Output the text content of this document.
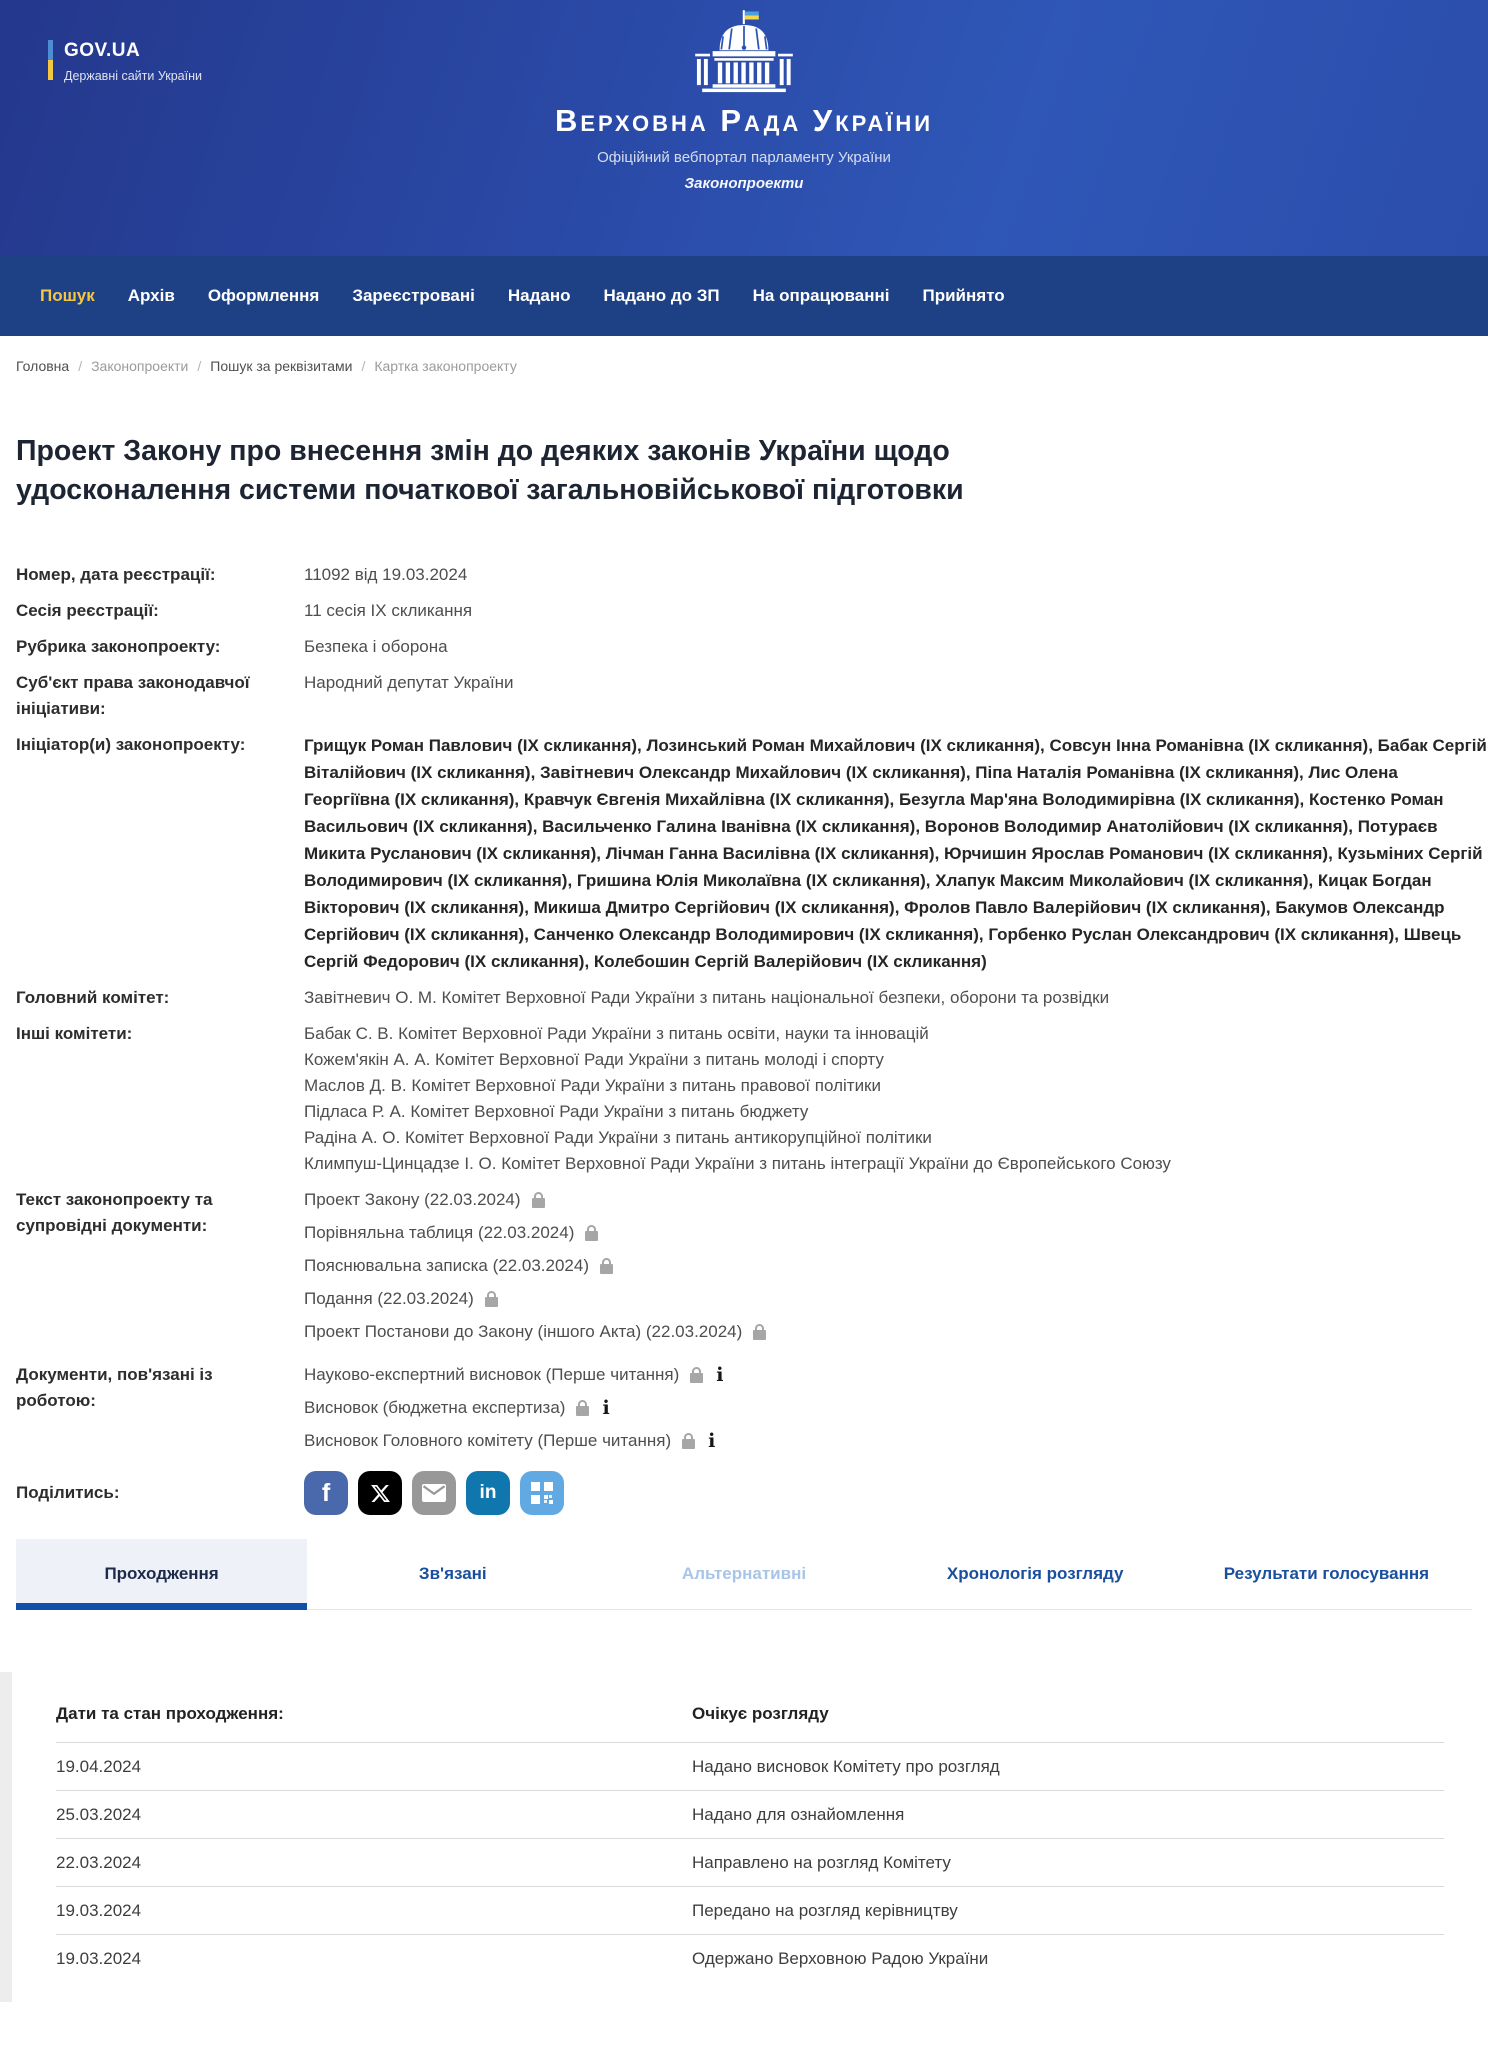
GOV.UA
Державні сайти України
Верховна Рада України
Офіційний вебпортал парламенту України
Законопроекти
Пошук Архів Оформлення Зареєстровані Надано Надано до ЗП На опрацюванні Прийнято
Головна / Законопроекти / Пошук за реквізитами / Картка законопроекту
Проект Закону про внесення змін до деяких законів України щодо удосконалення системи початкової загальновійськової підготовки
Номер, дата реєстрації:	11092 від 19.03.2024
Сесія реєстрації:	11 сесія IX скликання
Рубрика законопроекту:	Безпека і оборона
Суб'єкт права законодавчої ініціативи:
Народний депутат України
Ініціатор(и) законопроекту:	Грищук Роман Павлович (ІХ скликання), Лозинський Роман Михайлович (ІХ скликання), Совсун Інна Романівна (ІХ скликання), Бабак Сергій Віталійович (ІХ скликання), Завітневич Олександр Михайлович (ІХ скликання), Піпа Наталія Романівна (ІХ скликання), Лис Олена Георгіївна (ІХ скликання), Кравчук Євгенія Михайлівна (ІХ скликання), Безугла Мар'яна Володимирівна (ІХ скликання), Костенко Роман Васильович (ІХ скликання), Васильченко Галина Іванівна (ІХ скликання), Воронов Володимир Анатолійович (ІХ скликання), Потураєв Микита Русланович (ІХ скликання), Лічман Ганна Василівна (ІХ скликання), Юрчишин Ярослав Романович (ІХ скликання), Кузьміних Сергій Володимирович (ІХ скликання), Гришина Юлія Миколаївна (ІХ скликання), Хлапук Максим Миколайович (ІХ скликання), Кицак Богдан Вікторович (ІХ скликання), Микиша Дмитро Сергійович (ІХ скликання), Фролов Павло Валерійович (ІХ скликання), Бакумов Олександр Сергійович (ІХ скликання), Санченко Олександр Володимирович (ІХ скликання), Горбенко Руслан Олександрович (ІХ скликання), Швець Сергій Федорович (ІХ скликання), Колебошин Сергій Валерійович (ІХ скликання)
Головний комітет:	Завітневич О. М. Комітет Верховної Ради України з питань національної безпеки, оборони та розвідки
Інші комітети:	Бабак С. В. Комітет Верховної Ради України з питань освіти, науки та інновацій
Кожем'якін А. А. Комітет Верховної Ради України з питань молоді і спорту
Маслов Д. В. Комітет Верховної Ради України з питань правової політики
Підласа Р. А. Комітет Верховної Ради України з питань бюджету
Радіна А. О. Комітет Верховної Ради України з питань антикорупційної політики
Климпуш-Цинцадзе І. О. Комітет Верховної Ради України з питань інтеграції України до Європейського Союзу
Текст законопроекту та супровідні документи:
Проект Закону (22.03.2024)
Порівняльна таблиця (22.03.2024)
Пояснювальна записка (22.03.2024)
Подання (22.03.2024)
Проект Постанови до Закону (іншого Акта) (22.03.2024)
Документи, пов'язані із роботою:
Науково-експертний висновок (Перше читання) i
Висновок (бюджетна експертиза) i
Висновок Головного комітету (Перше читання) i
Поділитись:	f	in
Проходження	Зв'язані	Альтернативні	Хронологія розгляду	Результати голосування
Дати та стан проходження:	Очікує розгляду
19.04.2024	Надано висновок Комітету про розгляд
25.03.2024	Надано для ознайомлення
22.03.2024	Направлено на розгляд Комітету
19.03.2024	Передано на розгляд керівництву
19.03.2024	Одержано Верховною Радою України
